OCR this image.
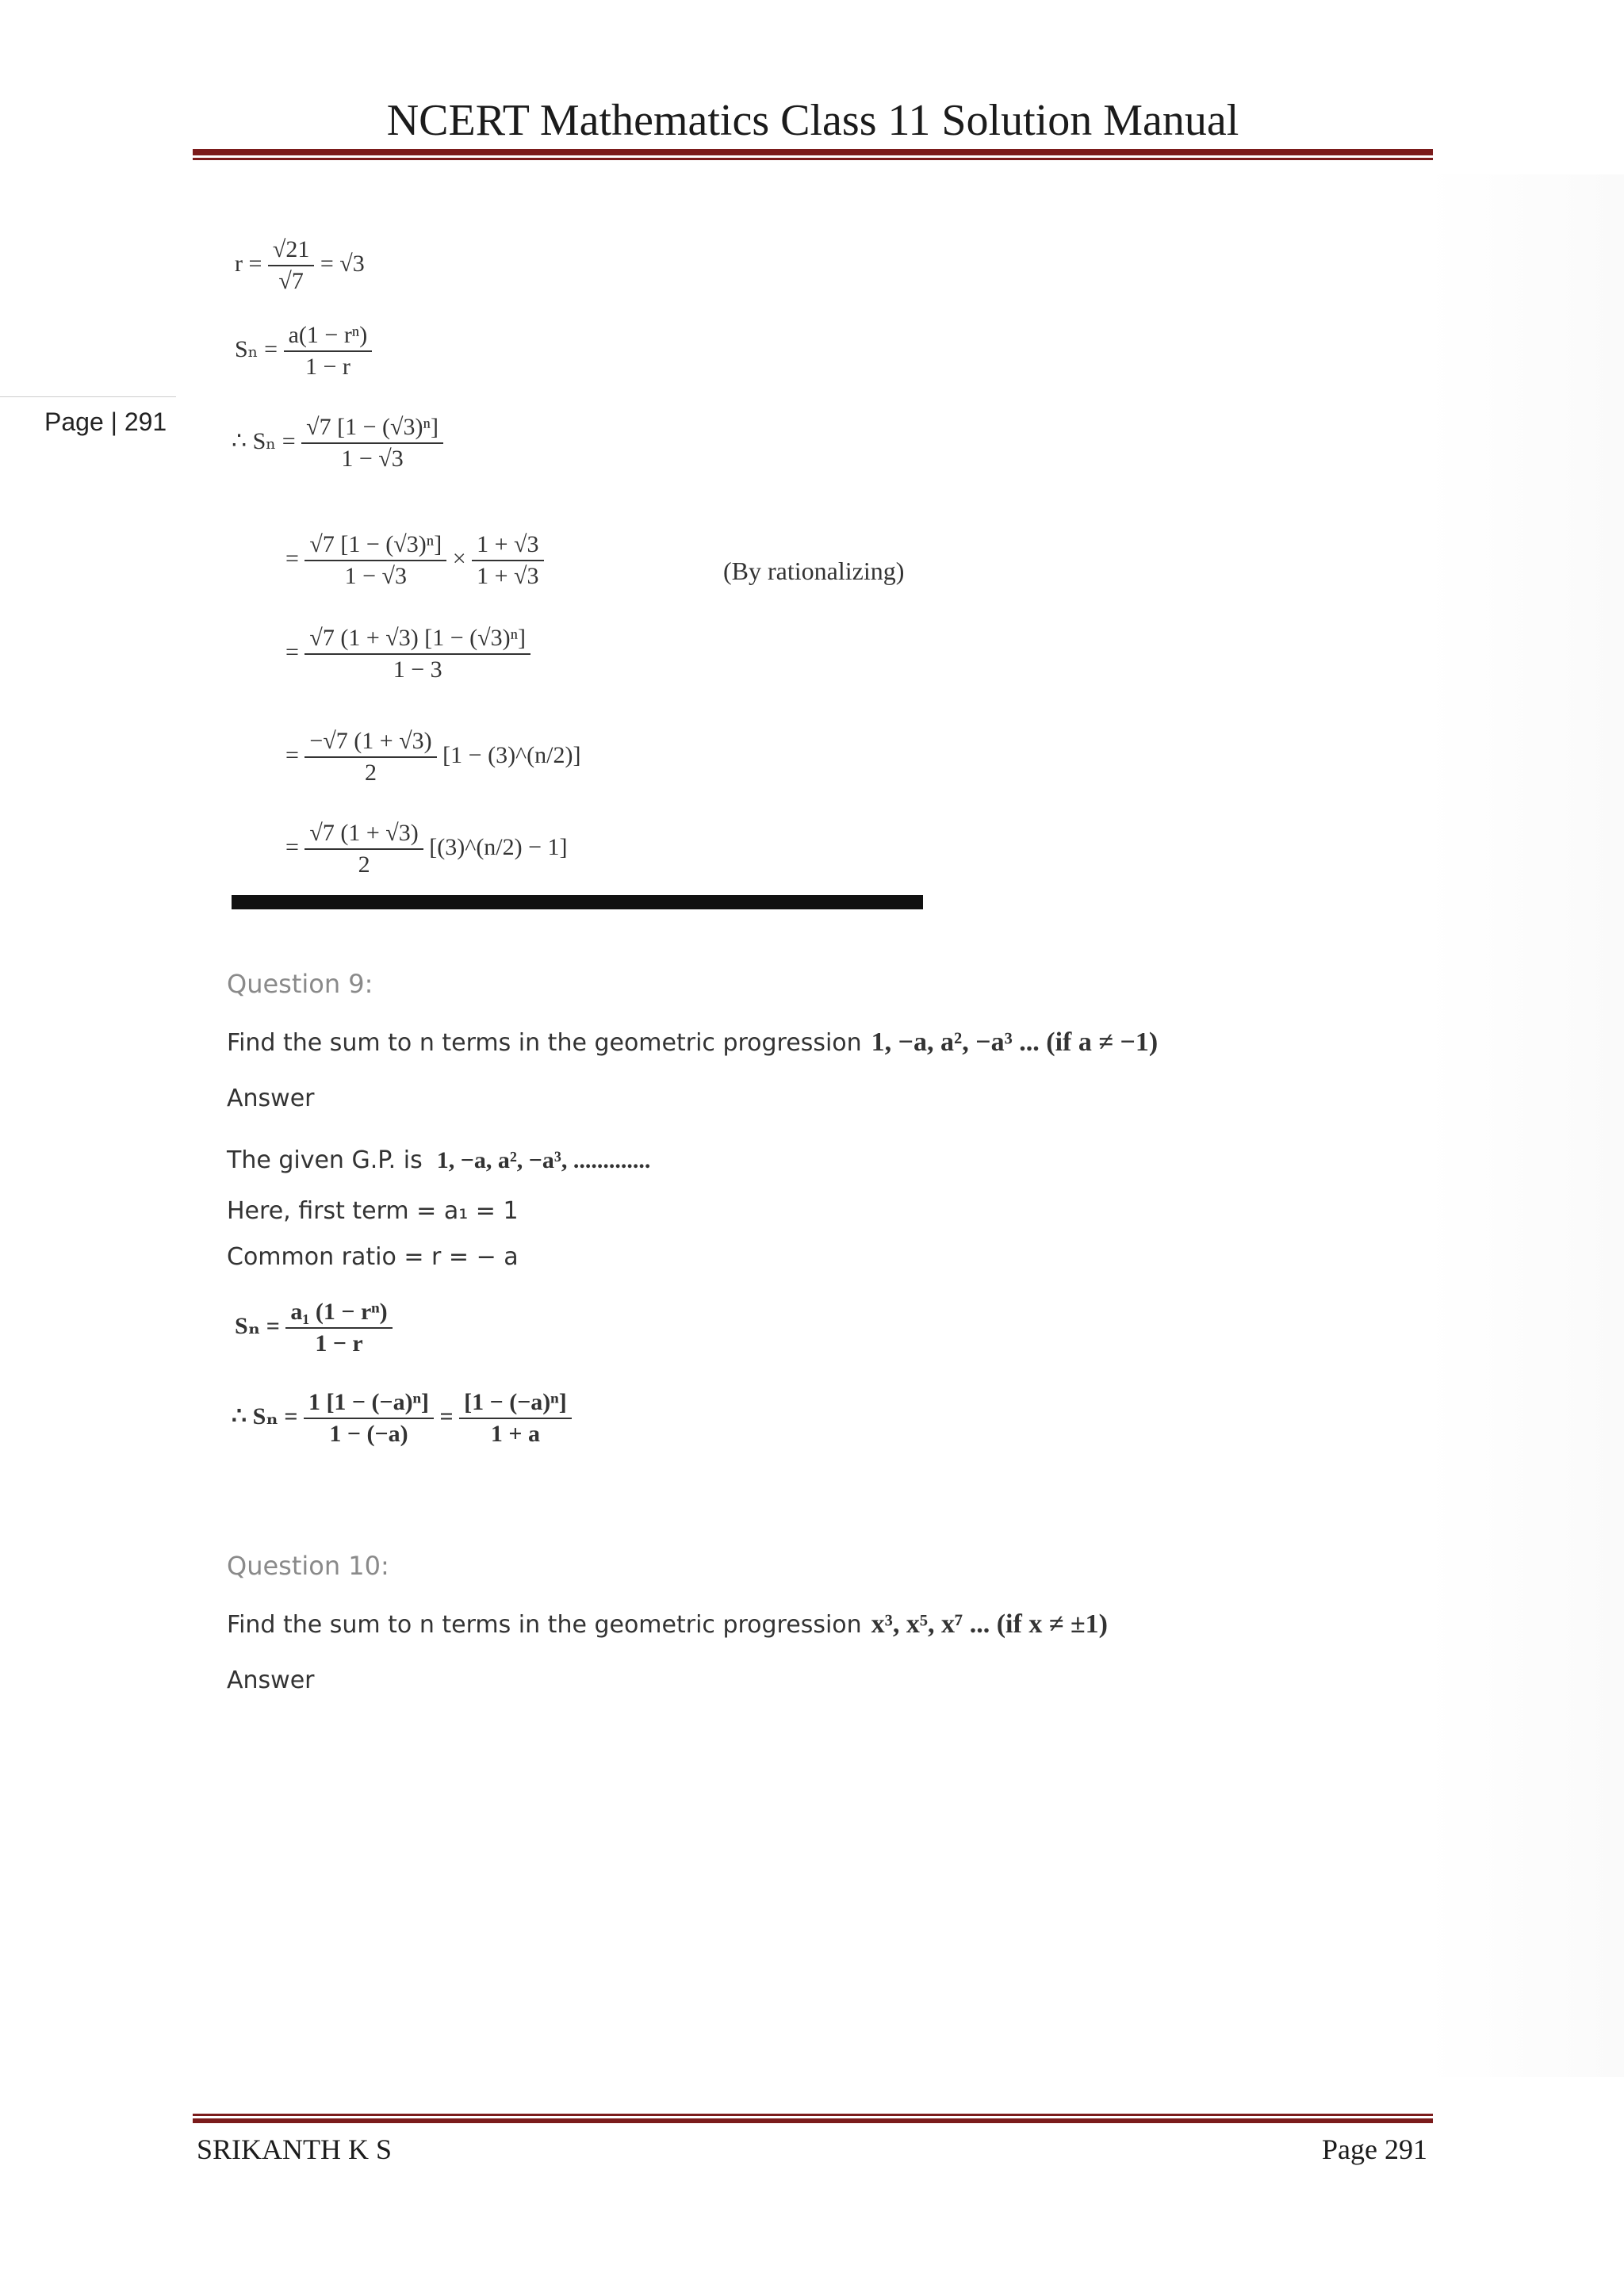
NCERT Mathematics Class 11 Solution Manual
Page | 291
$r = \frac{√21}{√7} = √3$
$S_n = \frac{\text{a(1 − rⁿ)}}{1 - r}$
∴ $S_n = \frac{\text{√7 [1 − (√3)ⁿ]}}{1 - √3}$
= $\frac{\text{√7 [1 − (√3)ⁿ]}}{1 - √3} \times \frac{1 + √3}{1 + √3}$	(By rationalizing)
= $\frac{\text{√7 (1 + √3) [1 − (√3)ⁿ]}}{1 - 3}$
= $\frac{-√7 (1 + √3)}{2} [1$ − (3)^(n/2)]
= $\frac{√7 (1 + √3)}{2}$ [(3)^(n/2) − 1]
Question 9:
Find the sum to n terms in the geometric progression 1, −a, a², −a³ ... (if a ≠ −1)
Answer
The given G.P. is 1, −a, a², −a³, .............
Here, first term = a₁ = 1
Common ratio = r = − a
$S_n = \frac{\text{a₁ (1 − rⁿ)}}{1 - r}$
∴ $S_n = \frac{\text{1 [1 − (−a)ⁿ]}}{1 - (-a)} = \frac{\text{[1 − (−a)ⁿ]}}{1 + a}$
Question 10:
Find the sum to n terms in the geometric progression x³, x⁵, x⁷ ... (if x ≠ ±1)
Answer
SRIKANTH K S	Page 291
